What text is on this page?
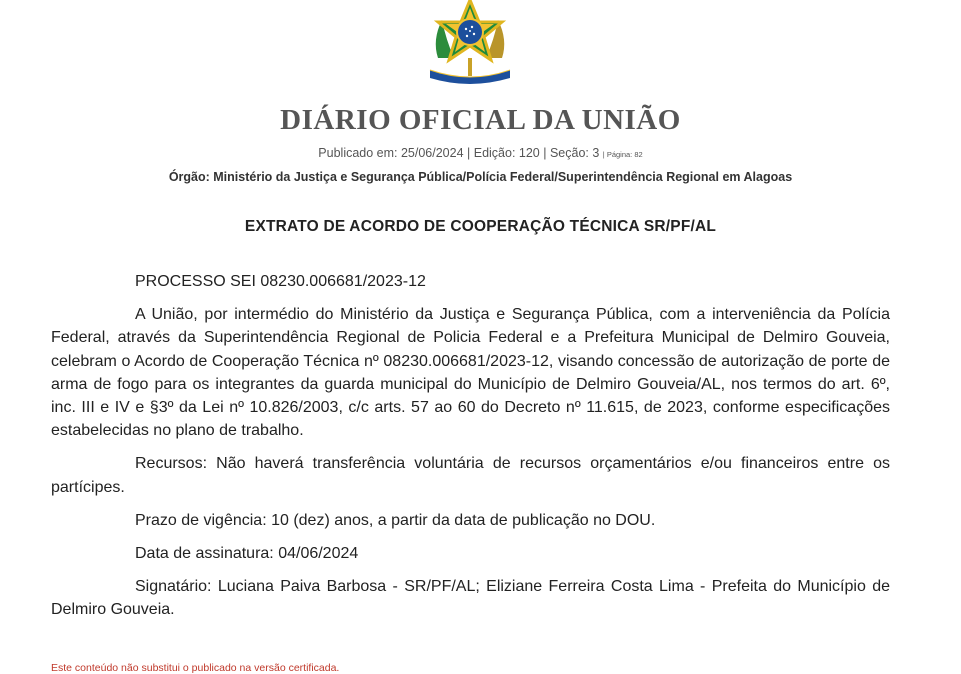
DIÁRIO OFICIAL DA UNIÃO
Publicado em: 25/06/2024 | Edição: 120 | Seção: 3 | Página: 82
Órgão: Ministério da Justiça e Segurança Pública/Polícia Federal/Superintendência Regional em Alagoas
EXTRATO DE ACORDO DE COOPERAÇÃO TÉCNICA SR/PF/AL

PROCESSO SEI 08230.006681/2023-12

A União, por intermédio do Ministério da Justiça e Segurança Pública, com a interveniência da Polícia Federal, através da Superintendência Regional de Policia Federal e a Prefeitura Municipal de Delmiro Gouveia, celebram o Acordo de Cooperação Técnica nº 08230.006681/2023-12, visando concessão de autorização de porte de arma de fogo para os integrantes da guarda municipal do Município de Delmiro Gouveia/AL, nos termos do art. 6º, inc. III e IV e §3º da Lei nº 10.826/2003, c/c arts. 57 ao 60 do Decreto nº 11.615, de 2023, conforme especificações estabelecidas no plano de trabalho.

Recursos: Não haverá transferência voluntária de recursos orçamentários e/ou financeiros entre os partícipes.

Prazo de vigência: 10 (dez) anos, a partir da data de publicação no DOU.

Data de assinatura: 04/06/2024

Signatário: Luciana Paiva Barbosa - SR/PF/AL; Eliziane Ferreira Costa Lima - Prefeita do Município de Delmiro Gouveia.

Este conteúdo não substitui o publicado na versão certificada.
